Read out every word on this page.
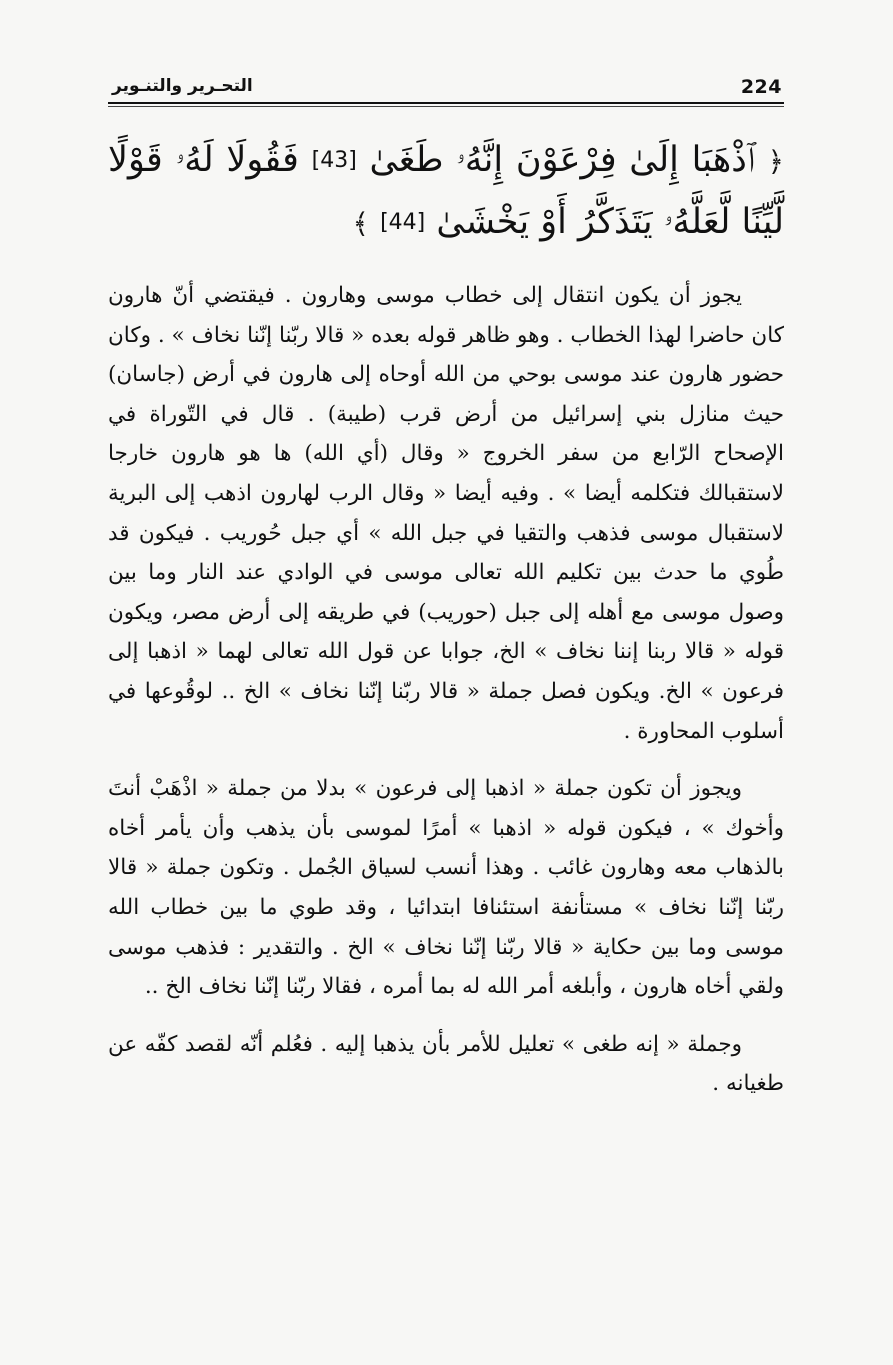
224
التحـرير والتنـوير
﴿ ٱذْهَبَا إِلَىٰ فِرْعَوْنَ إِنَّهُۥ طَغَىٰ [43] فَقُولَا لَهُۥ قَوْلًا لَّيِّنًا لَّعَلَّهُۥ يَتَذَكَّرُ أَوْ يَخْشَىٰ [44] ﴾

يجوز أن يكون انتقال إلى خطاب موسى وهارون . فيقتضي أنّ هارون كان حاضرا لهذا الخطاب . وهو ظاهر قوله بعده « قالا ربّنا إنّنا نخاف » . وكان حضور هارون عند موسى بوحي من الله أوحاه إلى هارون في أرض (جاسان) حيث منازل بني إسرائيل من أرض قرب (طيبة) . قال في التّوراة في الإصحاح الرّابع من سفر الخروج « وقال (أي الله) ها هو هارون خارجا لاستقبالك فتكلمه أيضا » . وفيه أيضا « وقال الرب لهارون اذهب إلى البرية لاستقبال موسى فذهب والتقيا في جبل الله » أي جبل حُوريب . فيكون قد طُوي ما حدث بين تكليم الله تعالى موسى في الوادي عند النار وما بين وصول موسى مع أهله إلى جبل (حوريب) في طريقه إلى أرض مصر، ويكون قوله « قالا ربنا إننا نخاف » الخ، جوابا عن قول الله تعالى لهما « اذهبا إلى فرعون » الخ. ويكون فصل جملة « قالا ربّنا إنّنا نخاف » الخ .. لوقُوعها في أسلوب المحاورة .

ويجوز أن تكون جملة « اذهبا إلى فرعون » بدلا من جملة « اذْهَبْ أنتَ وأخوك » ، فيكون قوله « اذهبا » أمرًا لموسى بأن يذهب وأن يأمر أخاه بالذهاب معه وهارون غائب . وهذا أنسب لسياق الجُمل . وتكون جملة « قالا ربّنا إنّنا نخاف » مستأنفة استئنافا ابتدائيا ، وقد طوي ما بين خطاب الله موسى وما بين حكاية « قالا ربّنا إنّنا نخاف » الخ . والتقدير : فذهب موسى ولقي أخاه هارون ، وأبلغه أمر الله له بما أمره ، فقالا ربّنا إنّنا نخاف الخ ..

وجملة « إنه طغى » تعليل للأمر بأن يذهبا إليه . فعُلم أنّه لقصد كفّه عن طغيانه .
